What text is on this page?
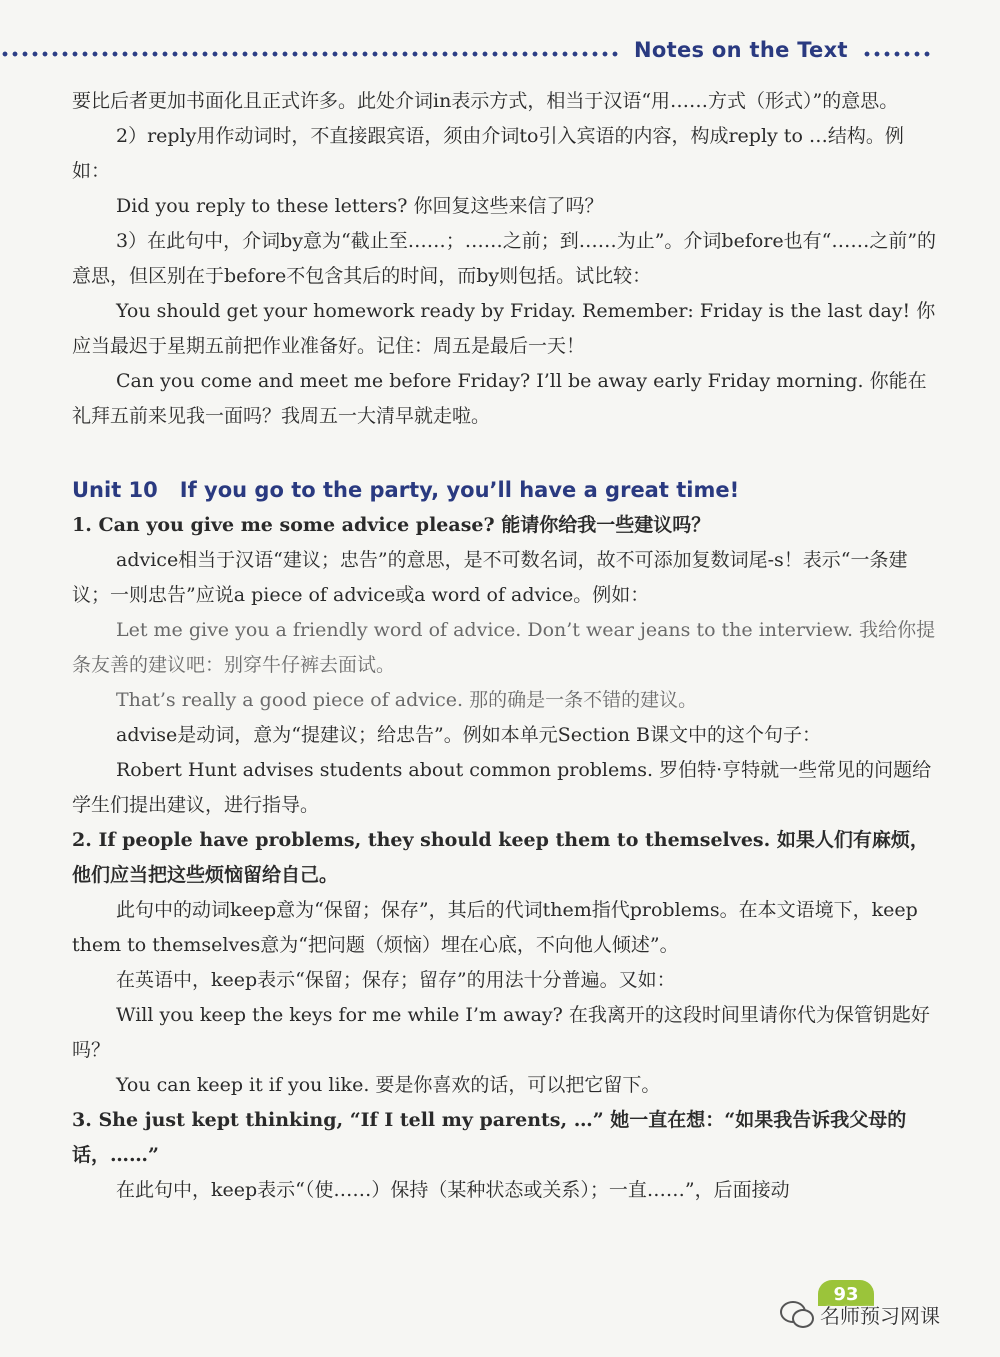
Notes on the Text

要比后者更加书面化且正式许多。此处介词in表示方式，相当于汉语“用……方式（形式）”的意思。

2）reply用作动词时，不直接跟宾语，须由介词to引入宾语的内容，构成reply to …结构。例如：

Did you reply to these letters? 你回复这些来信了吗？

3）在此句中，介词by意为“截止至……；……之前；到……为止”。介词before也有“……之前”的意思，但区别在于before不包含其后的时间，而by则包括。试比较：

You should get your homework ready by Friday. Remember: Friday is the last day! 你应当最迟于星期五前把作业准备好。记住：周五是最后一天！

Can you come and meet me before Friday? I’ll be away early Friday morning. 你能在礼拜五前来见我一面吗？我周五一大清早就走啦。

Unit 10 If you go to the party, you’ll have a great time!

1. Can you give me some advice please? 能请你给我一些建议吗？

advice相当于汉语“建议；忠告”的意思，是不可数名词，故不可添加复数词尾-s！表示“一条建议；一则忠告”应说a piece of advice或a word of advice。例如：

Let me give you a friendly word of advice. Don’t wear jeans to the interview. 我给你提条友善的建议吧：别穿牛仔裤去面试。

That’s really a good piece of advice. 那的确是一条不错的建议。

advise是动词，意为“提建议；给忠告”。例如本单元Section B课文中的这个句子：

Robert Hunt advises students about common problems. 罗伯特·亨特就一些常见的问题给学生们提出建议，进行指导。

2. If people have problems, they should keep them to themselves. 如果人们有麻烦，他们应当把这些烦恼留给自己。

此句中的动词keep意为“保留；保存”，其后的代词them指代problems。在本文语境下，keep them to themselves意为“把问题（烦恼）埋在心底，不向他人倾述”。

在英语中，keep表示“保留；保存；留存”的用法十分普遍。又如：

Will you keep the keys for me while I’m away? 在我离开的这段时间里请你代为保管钥匙好吗？

You can keep it if you like. 要是你喜欢的话，可以把它留下。

3. She just kept thinking, “If I tell my parents, …” 她一直在想：“如果我告诉我父母的话，……”

在此句中，keep表示“（使……）保持（某种状态或关系）；一直……”，后面接动

93
名师预习网课
